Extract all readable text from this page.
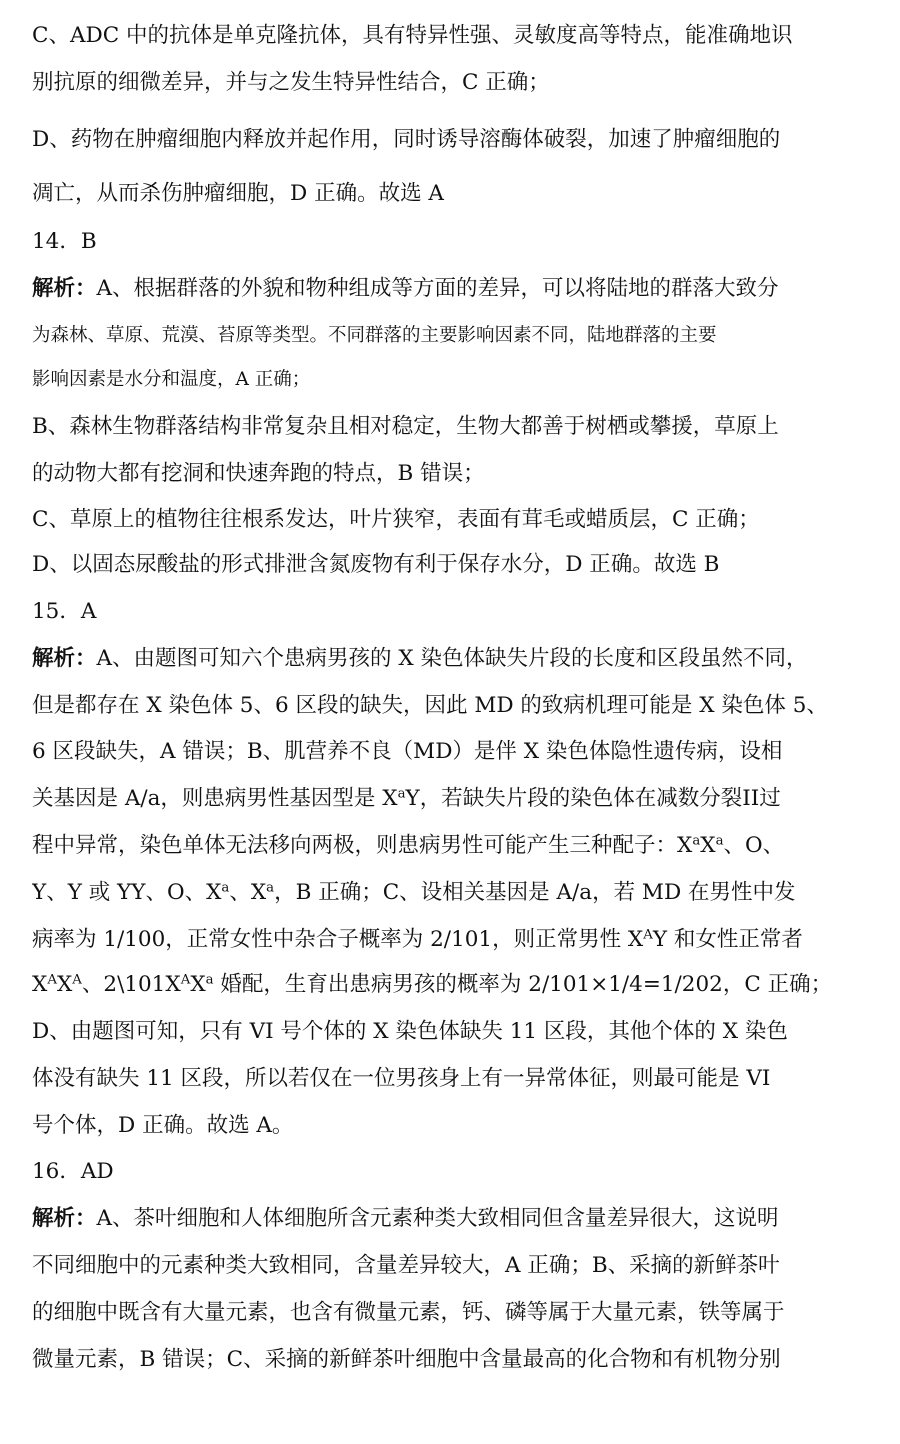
C、ADC 中的抗体是单克隆抗体，具有特异性强、灵敏度高等特点，能准确地识
别抗原的细微差异，并与之发生特异性结合，C 正确；
D、药物在肿瘤细胞内释放并起作用，同时诱导溶酶体破裂，加速了肿瘤细胞的
凋亡，从而杀伤肿瘤细胞，D 正确。故选 A
14．B
解析：A、根据群落的外貌和物种组成等方面的差异，可以将陆地的群落大致分
为森林、草原、荒漠、苔原等类型。不同群落的主要影响因素不同，陆地群落的主要
影响因素是水分和温度，A 正确；
B、森林生物群落结构非常复杂且相对稳定，生物大都善于树栖或攀援，草原上
的动物大都有挖洞和快速奔跑的特点，B 错误；
C、草原上的植物往往根系发达，叶片狭窄，表面有茸毛或蜡质层，C 正确；
D、以固态尿酸盐的形式排泄含氮废物有利于保存水分，D 正确。故选 B
15．A
解析：A、由题图可知六个患病男孩的 X 染色体缺失片段的长度和区段虽然不同，
但是都存在 X 染色体 5、6 区段的缺失，因此 MD 的致病机理可能是 X 染色体 5、
6 区段缺失，A 错误；B、肌营养不良（MD）是伴 X 染色体隐性遗传病，设相
关基因是 A/a，则患病男性基因型是 $X^aY$，若缺失片段的染色体在减数分裂II过
程中异常，染色单体无法移向两极，则患病男性可能产生三种配子：$X^aX^a$、O、
Y、Y 或 YY、O、$X^a$、$X^a$，B 正确；C、设相关基因是 A/a，若 MD 在男性中发
病率为 1/100，正常女性中杂合子概率为 2/101，则正常男性 $X^AY$ 和女性正常者
$X^AX^A$、$2\backslash 101X^AX^a$ 婚配，生育出患病男孩的概率为 2/101×1/4=1/202，C 正确；
D、由题图可知，只有 VI 号个体的 X 染色体缺失 11 区段，其他个体的 X 染色
体没有缺失 11 区段，所以若仅在一位男孩身上有一异常体征，则最可能是 VI
号个体，D 正确。故选 A。
16．AD
解析：A、茶叶细胞和人体细胞所含元素种类大致相同但含量差异很大，这说明
不同细胞中的元素种类大致相同，含量差异较大，A 正确；B、采摘的新鲜茶叶
的细胞中既含有大量元素，也含有微量元素，钙、磷等属于大量元素，铁等属于
微量元素，B 错误；C、采摘的新鲜茶叶细胞中含量最高的化合物和有机物分别
